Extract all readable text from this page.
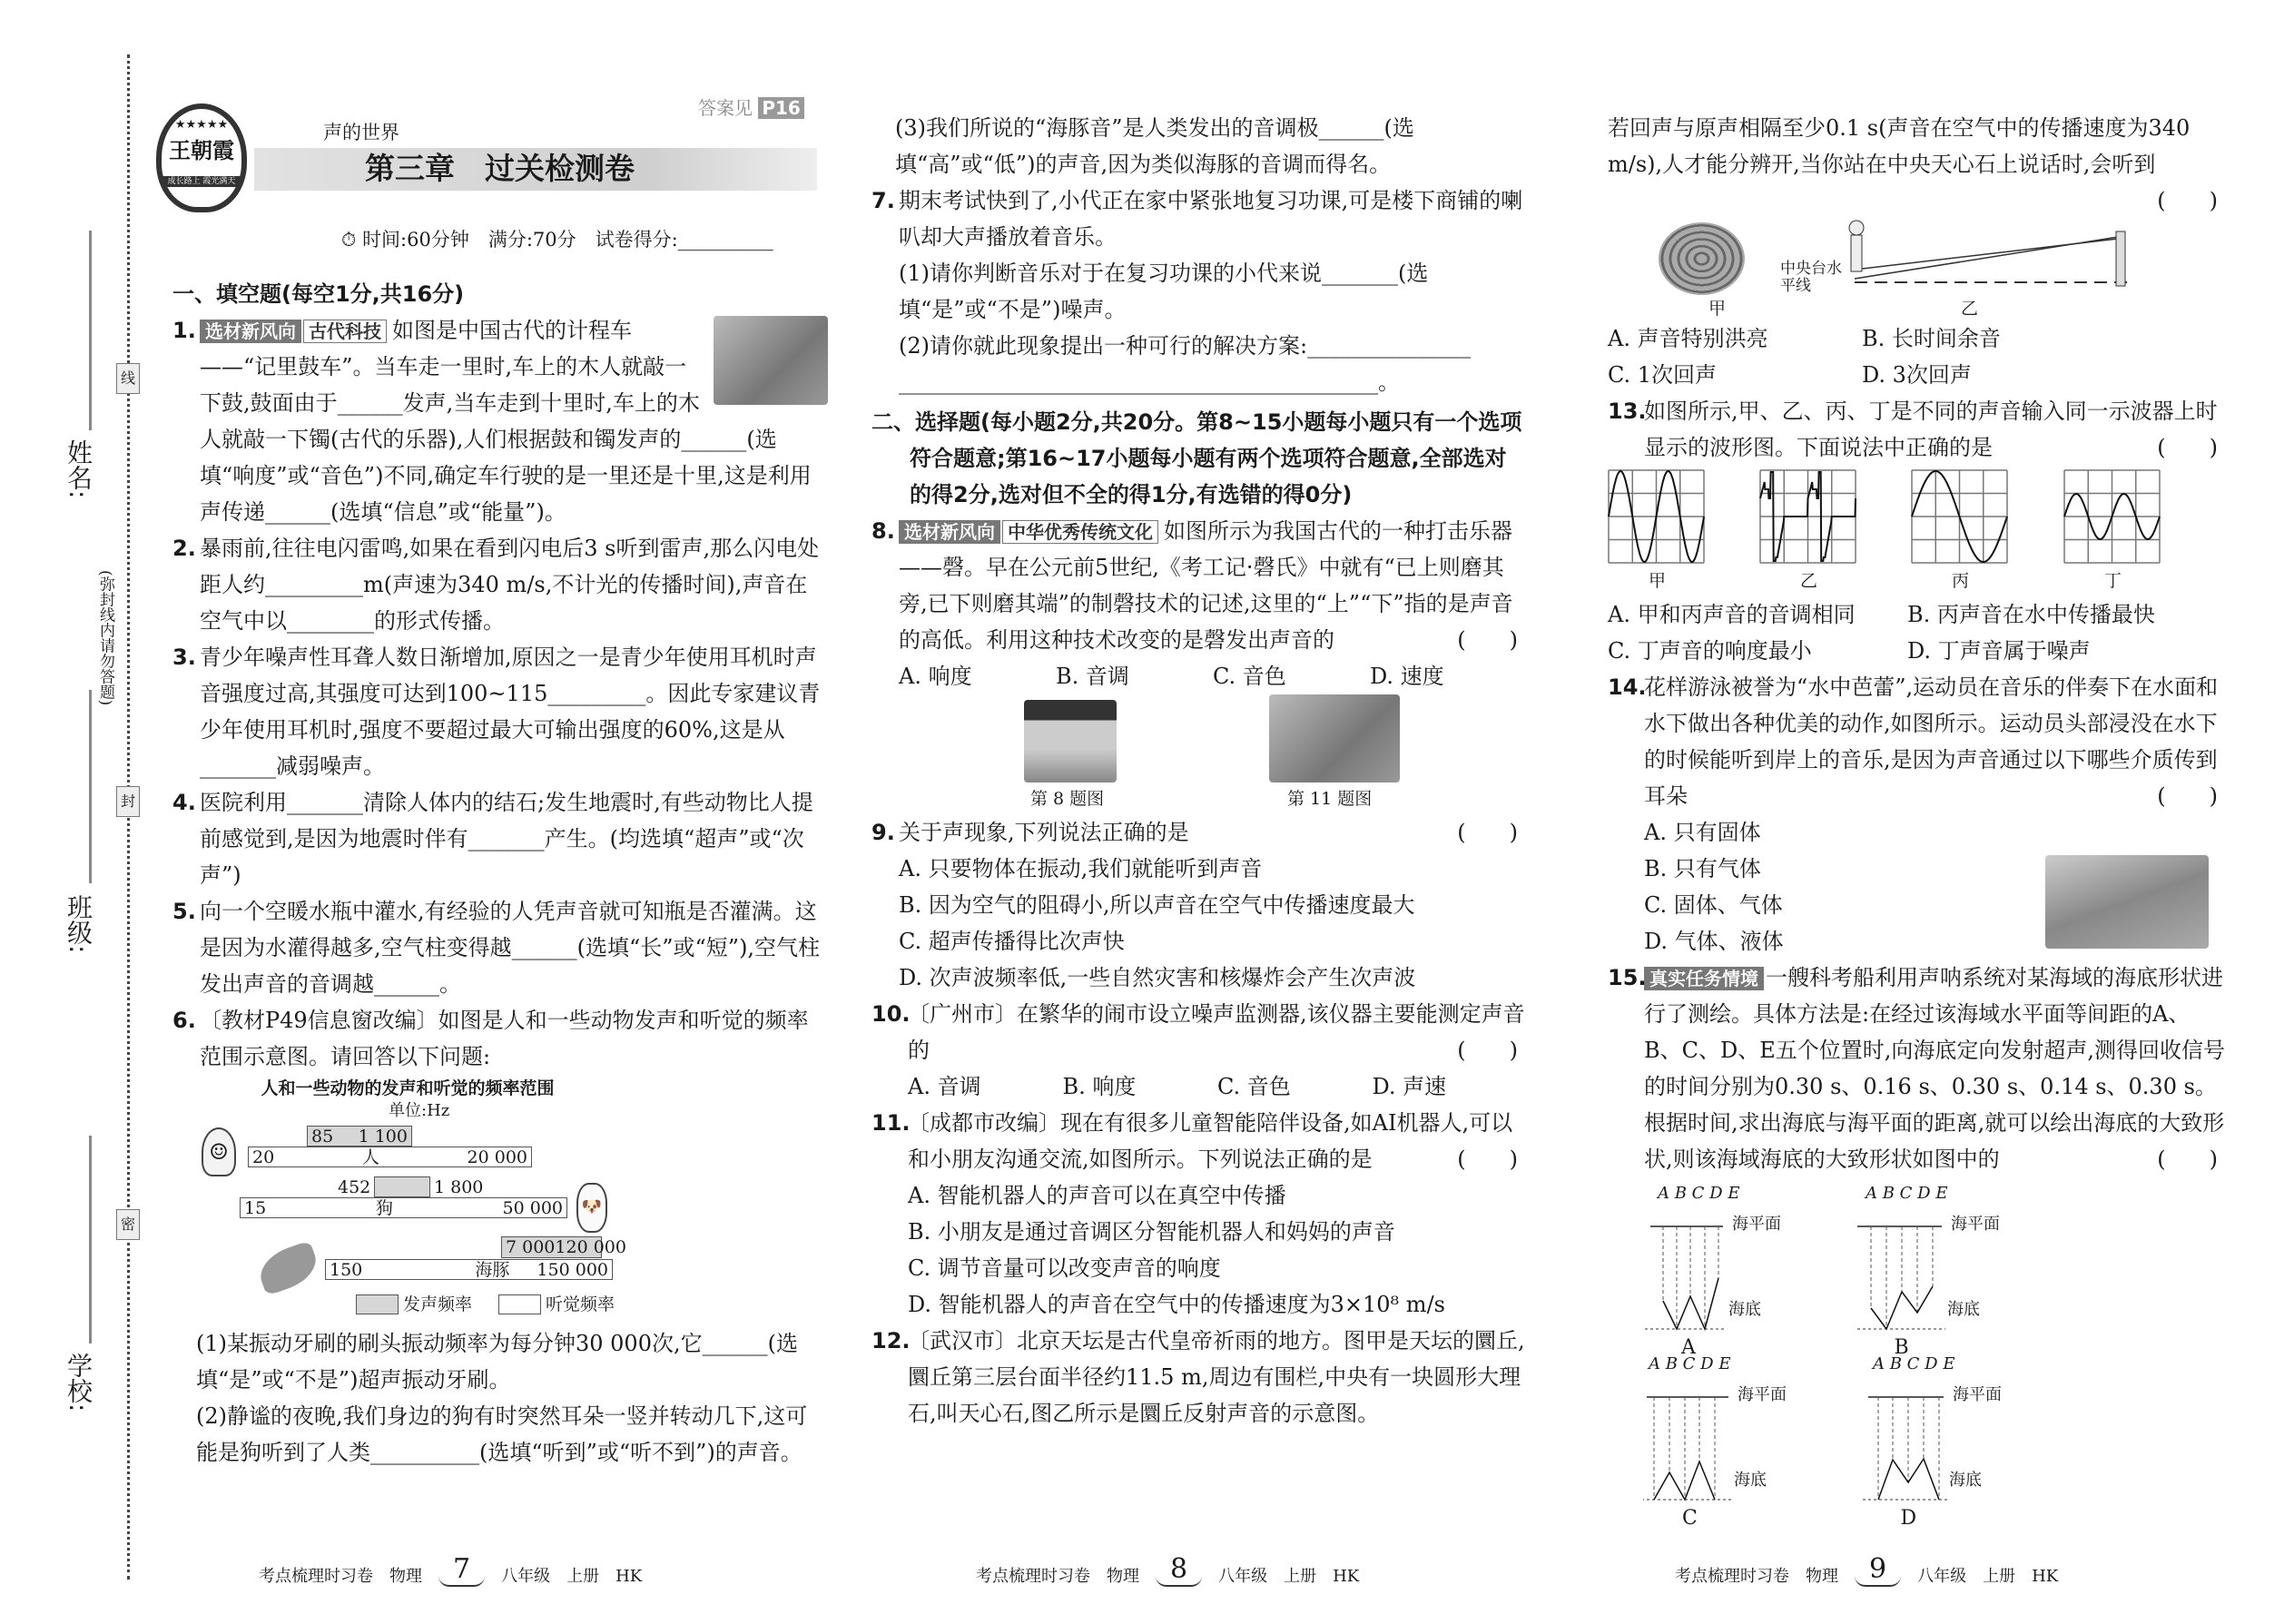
姓名:
班级:
学校:
(弥封线内请勿答题)
线
封
密
★★★★★
王朝霞
成长路上 霞光满天
声的世界
第三章　过关检测卷
答案见 P16
⏱ 时间:60分钟　满分:70分　试卷得分:__________
一、填空题(每空1分,共16分)
1. 选材新风向 古代科技 如图是中国古代的计程车——“记里鼓车”。当车走一里时,车上的木人就敲一下鼓,鼓面由于______发声,当车走到十里时,车上的木人就敲一下镯(古代的乐器),人们根据鼓和镯发声的______(选填“响度”或“音色”)不同,确定车行驶的是一里还是十里,这是利用声传递______(选填“信息”或“能量”)。
2. 暴雨前,往往电闪雷鸣,如果在看到闪电后3 s听到雷声,那么闪电处距人约_________m(声速为340 m/s,不计光的传播时间),声音在空气中以________的形式传播。
3. 青少年噪声性耳聋人数日渐增加,原因之一是青少年使用耳机时声音强度过高,其强度可达到100~115_________。因此专家建议青少年使用耳机时,强度不要超过最大可输出强度的60%,这是从_______减弱噪声。
4. 医院利用_______清除人体内的结石;发生地震时,有些动物比人提前感觉到,是因为地震时伴有_______产生。(均选填“超声”或“次声”)
5. 向一个空暖水瓶中灌水,有经验的人凭声音就可知瓶是否灌满。这是因为水灌得越多,空气柱变得越______(选填“长”或“短”),空气柱发出声音的音调越______。
6. 〔教材P49信息窗改编〕如图是人和一些动物发声和听觉的频率范围示意图。请回答以下问题:
人和一些动物的发声和听觉的频率范围
单位:Hz
☺
🐶
85 1 100
20	人	20 000
452	1 800
15	狗	50 000
7 000 120 000
150	海豚 150 000
发声频率	听觉频率
(1)某振动牙刷的刷头振动频率为每分钟30 000次,它______(选填“是”或“不是”)超声振动牙刷。
(2)静谧的夜晚,我们身边的狗有时突然耳朵一竖并转动几下,这可能是狗听到了人类__________(选填“听到”或“听不到”)的声音。
考点梳理时习卷　物理	7	八年级　上册　HK
(3)我们所说的“海豚音”是人类发出的音调极______(选填“高”或“低”)的声音,因为类似海豚的音调而得名。
7. 期末考试快到了,小代正在家中紧张地复习功课,可是楼下商铺的喇叭却大声播放着音乐。
(1)请你判断音乐对于在复习功课的小代来说_______(选填“是”或“不是”)噪声。
(2)请你就此现象提出一种可行的解决方案:_______________
____________________________________________。
二、选择题(每小题2分,共20分。第8~15小题每小题只有一个选项符合题意;第16~17小题每小题有两个选项符合题意,全部选对的得2分,选对但不全的得1分,有选错的得0分)
8. 选材新风向 中华优秀传统文化 如图所示为我国古代的一种打击乐器——磬。早在公元前5世纪,《考工记·磬氏》中就有“已上则磨其旁,已下则磨其端”的制磬技术的记述,这里的“上”“下”指的是声音的高低。利用这种技术改变的是磬发出声音的	(　　)
A. 响度	B. 音调	C. 音色	D. 速度
第 8 题图	第 11 题图
9. 关于声现象,下列说法正确的是	(　　)
A. 只要物体在振动,我们就能听到声音
B. 因为空气的阻碍小,所以声音在空气中传播速度最大
C. 超声传播得比次声快
D. 次声波频率低,一些自然灾害和核爆炸会产生次声波
10.
〔广州市〕在繁华的闹市设立噪声监测器,该仪器主要能测定声音的	(　　)
A. 音调	B. 响度	C. 音色	D. 声速
11.
〔成都市改编〕现在有很多儿童智能陪伴设备,如AI机器人,可以和小朋友沟通交流,如图所示。下列说法正确的是	(　　)
A. 智能机器人的声音可以在真空中传播
B. 小朋友是通过音调区分智能机器人和妈妈的声音
C. 调节音量可以改变声音的响度
D. 智能机器人的声音在空气中的传播速度为3×10⁸ m/s
12.
〔武汉市〕北京天坛是古代皇帝祈雨的地方。图甲是天坛的圜丘,圜丘第三层台面半径约11.5 m,周边有围栏,中央有一块圆形大理石,叫天心石,图乙所示是圜丘反射声音的示意图。
考点梳理时习卷　物理	8	八年级　上册　HK
若回声与原声相隔至少0.1 s(声音在空气中的传播速度为340 m/s),人才能分辨开,当你站在中央天心石上说话时,会听到
(　　)
甲
中央台水平线
乙
A. 声音特别洪亮	B. 长时间余音
C. 1次回声	D. 3次回声
13.
如图所示,甲、乙、丙、丁是不同的声音输入同一示波器上时显示的波形图。下面说法中正确的是	(　　)
甲	乙	丙	丁
A. 甲和丙声音的音调相同	B. 丙声音在水中传播最快
C. 丁声音的响度最小	D. 丁声音属于噪声
14.
花样游泳被誉为“水中芭蕾”,运动员在音乐的伴奏下在水面和水下做出各种优美的动作,如图所示。运动员头部浸没在水下的时候能听到岸上的音乐,是因为声音通过以下哪些介质传到耳朵	(　　)
A. 只有固体
B. 只有气体
C. 固体、气体
D. 气体、液体
15. 真实任务情境 一艘科考船利用声呐系统对某海域的海底形状进行了测绘。具体方法是:在经过该海域水平面等间距的A、B、C、D、E五个位置时,向海底定向发射超声,测得回收信号的时间分别为0.30 s、0.16 s、0.30 s、0.14 s、0.30 s。根据时间,求出海底与海平面的距离,就可以绘出海底的大致形状,则该海域海底的大致形状如图中的	(　　)
A B C D E
海平面
海底
A
A B C D E
海平面
海底
B
A B C D E
海平面
海底
C
A B C D E
海平面
海底
D
考点梳理时习卷　物理	9	八年级　上册　HK
